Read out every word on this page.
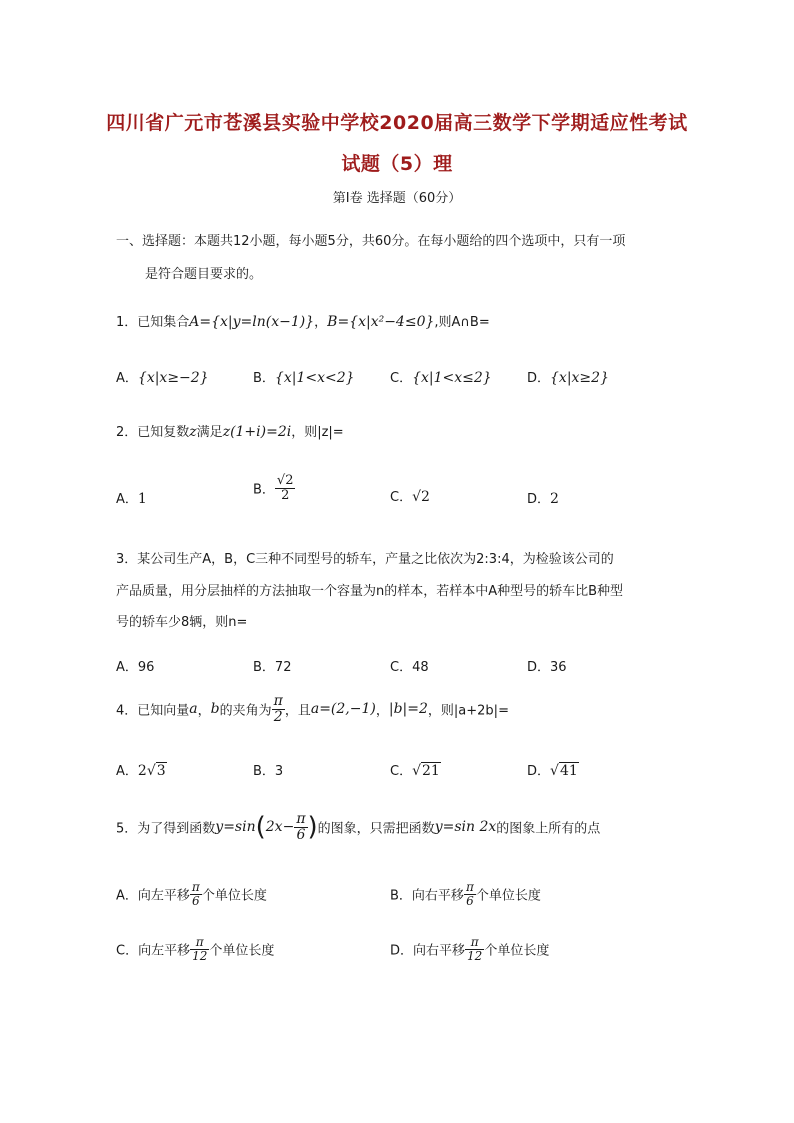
四川省广元市苍溪县实验中学校2020届高三数学下学期适应性考试
试题（5）理
第Ⅰ卷 选择题（60分）
一、选择题：本题共12小题，每小题5分，共60分。在每小题给的四个选项中，只有一项
是符合题目要求的。
1．已知集合A={x|y=ln(x−1)}，B={x|x²−4≤0},则A∩B=
A．{x|x≥−2}	B．{x|1<x<2}	C．{x|1<x≤2}	D．{x|x≥2}
2．已知复数z满足z(1+i)=2i，则|z|=
A．1
B． $\frac{√2}{2}$	C．√2	D．2
3．某公司生产A，B，C三种不同型号的轿车，产量之比依次为2:3:4，为检验该公司的
产品质量，用分层抽样的方法抽取一个容量为n的样本，若样本中A种型号的轿车比B种型
号的轿车少8辆，则n=
A．96	B．72	C．48	D．36
4．已知向量a，b的夹角为 $\frac{\pi}{2}$ ，且a=(2,−1)，|b|=2，则|a+2b|=
A．2√3	B．3	C．√21	D．√41
5．为了得到函数$y=\sin(2x- \frac{\pi}{6}$ )的图象，只需把函数y=sin 2x的图象上所有的点
A．向左平移 $\frac{\pi}{6}$ 个单位长度	B．向右平移 $\frac{\pi}{6}$ 个单位长度
C．向左平移 $\frac{\pi}{12}$ 个单位长度	D．向右平移 $\frac{\pi}{12}$ 个单位长度
